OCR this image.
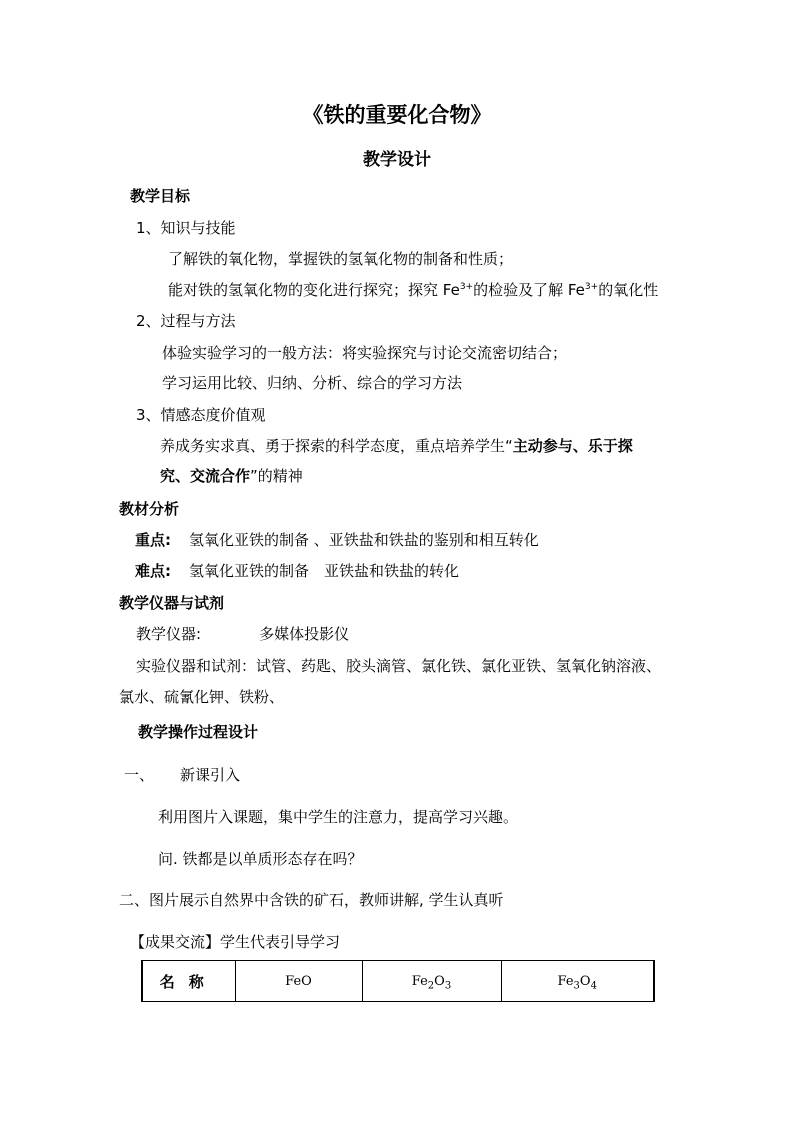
《铁的重要化合物》
教学设计
教学目标
1、知识与技能
了解铁的氧化物，掌握铁的氢氧化物的制备和性质；
能对铁的氢氧化物的变化进行探究；探究 $Fe^{3+}$的检验及了解 $Fe^{3+}$的氧化性
2、过程与方法
体验实验学习的一般方法：将实验探究与讨论交流密切结合；
学习运用比较、归纳、分析、综合的学习方法
3、情感态度价值观
养成务实求真、勇于探索的科学态度，重点培养学生“主动参与、乐于探
究、交流合作”的精神
教材分析
重点: 氢氧化亚铁的制备 、亚铁盐和铁盐的鉴别和相互转化
难点: 氢氧化亚铁的制备　亚铁盐和铁盐的转化
教学仪器与试剂
教学仪器:	多媒体投影仪
实验仪器和试剂：试管、药匙、胶头滴管、氯化铁、氯化亚铁、氢氧化钠溶液、
氯水、硫氰化钾、铁粉、
教学操作过程设计
一、 新课引入
利用图片入课题，集中学生的注意力，提高学习兴趣。
问. 铁都是以单质形态存在吗？
二、图片展示自然界中含铁的矿石，教师讲解, 学生认真听
【成果交流】学生代表引导学习
名称	FeO	$Fe_2O_3$	$Fe_3O_4$
